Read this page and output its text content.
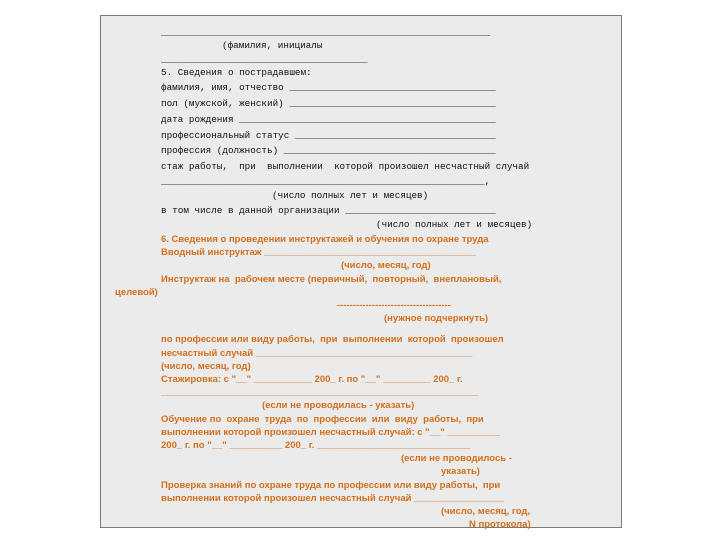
___________________________________________________________
(фамилия, инициалы
_____________________________________
5. Сведения о пострадавшем:
фамилия, имя, отчество _____________________________________
пол (мужской, женский) _____________________________________
дата рождения ______________________________________________
профессиональный статус ____________________________________
профессия (должность) ______________________________________
стаж работы,  при  выполнении  которой произошел несчастный случай
__________________________________________________________,
(число полных лет и месяцев)
в том числе в данной организации ___________________________
(число полных лет и месяцев)
6. Сведения о проведении инструктажей и обучения по охране труда
Вводный инструктаж ________________________________________
(число, месяц, год)
Инструктаж на  рабочем месте (первичный,  повторный,  внеплановый,
целевой)
------------------------------------
(нужное подчеркнуть)
по профессии или виду работы,  при  выполнении  которой  произошел
несчастный случай _________________________________________
(число, месяц, год)
Стажировка: с "__" ___________ 200_ г. по "__" _________ 200_ г.
____________________________________________________________
(если не проводилась - указать)
Обучение по  охране  труда  по  профессии  или  виду  работы,  при
выполнении которой произошел несчастный случай: с "__" __________
200_ г. по "__" __________ 200_ г. _____________________________
(если не проводилось -
указать)
Проверка знаний по охране труда по профессии или виду работы,  при
выполнении которой произошел несчастный случай _________________
(число, месяц, год,
N протокола)
